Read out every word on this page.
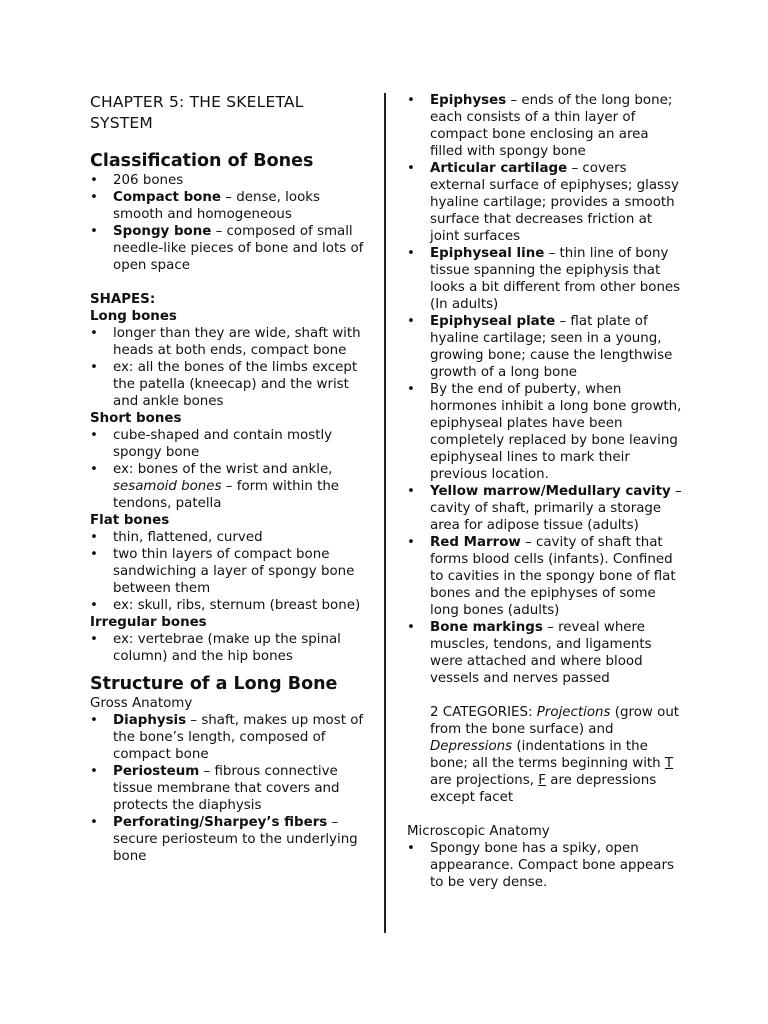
CHAPTER 5: THE SKELETAL SYSTEM
Classification of Bones
• 206 bones
• Compact bone – dense, looks smooth and homogeneous
• Spongy bone – composed of small needle-like pieces of bone and lots of open space
SHAPES:
Long bones
• longer than they are wide, shaft with heads at both ends, compact bone
• ex: all the bones of the limbs except the patella (kneecap) and the wrist and ankle bones
Short bones
• cube-shaped and contain mostly spongy bone
• ex: bones of the wrist and ankle, sesamoid bones – form within the tendons, patella
Flat bones
• thin, flattened, curved
• two thin layers of compact bone sandwiching a layer of spongy bone between them
• ex: skull, ribs, sternum (breast bone)
Irregular bones
• ex: vertebrae (make up the spinal column) and the hip bones
Structure of a Long Bone
Gross Anatomy
• Diaphysis – shaft, makes up most of the bone’s length, composed of compact bone
• Periosteum – fibrous connective tissue membrane that covers and protects the diaphysis
• Perforating/Sharpey’s fibers – secure periosteum to the underlying bone
• Epiphyses – ends of the long bone; each consists of a thin layer of compact bone enclosing an area filled with spongy bone
• Articular cartilage – covers external surface of epiphyses; glassy hyaline cartilage; provides a smooth surface that decreases friction at joint surfaces
• Epiphyseal line – thin line of bony tissue spanning the epiphysis that looks a bit different from other bones (In adults)
• Epiphyseal plate – flat plate of hyaline cartilage; seen in a young, growing bone; cause the lengthwise growth of a long bone
• By the end of puberty, when hormones inhibit a long bone growth, epiphyseal plates have been completely replaced by bone leaving epiphyseal lines to mark their previous location.
• Yellow marrow/Medullary cavity – cavity of shaft, primarily a storage area for adipose tissue (adults)
• Red Marrow – cavity of shaft that forms blood cells (infants). Confined to cavities in the spongy bone of flat bones and the epiphyses of some long bones (adults)
• Bone markings – reveal where muscles, tendons, and ligaments were attached and where blood vessels and nerves passed
2 CATEGORIES: Projections (grow out from the bone surface) and Depressions (indentations in the bone; all the terms beginning with T are projections, F are depressions except facet
Microscopic Anatomy
• Spongy bone has a spiky, open appearance. Compact bone appears to be very dense.
